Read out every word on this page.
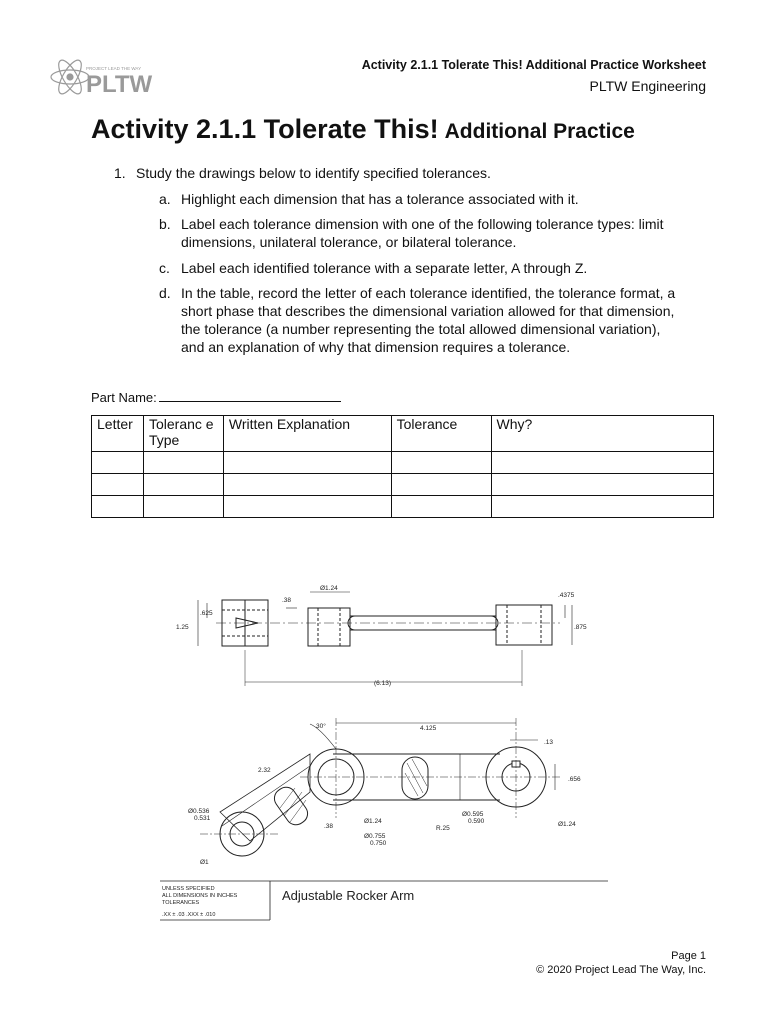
PROJECT LEAD THE WAY
PLTW
Activity 2.1.1 Tolerate This! Additional Practice Worksheet
PLTW Engineering
Activity 2.1.1 Tolerate This! Additional Practice
1. Study the drawings below to identify specified tolerances.
a. Highlight each dimension that has a tolerance associated with it.
b. Label each tolerance dimension with one of the following tolerance types: limit dimensions, unilateral tolerance, or bilateral tolerance.
c. Label each identified tolerance with a separate letter, A through Z.
d. In the table, record the letter of each tolerance identified, the tolerance format, a short phase that describes the dimensional variation allowed for that dimension, the tolerance (a number representing the total allowed dimensional variation), and an explanation of why that dimension requires a tolerance.
Part Name:
Letter	Toleranc e Type	Written Explanation	Tolerance	Why?

Ø1.24
.4375
.38
.625
1.25	.875
(6.13)
30°	4.125
.13
2.32
.656
Ø0.536
0.531
.38
Ø1.24
Ø0.755
0.750
R.25
Ø0.595
0.590	Ø1.24
Ø1
UNLESS SPECIFIED
ALL DIMENSIONS IN INCHES
TOLERANCES
.XX ± .03 .XXX ± .010
Adjustable Rocker Arm
Page 1
© 2020 Project Lead The Way, Inc.
